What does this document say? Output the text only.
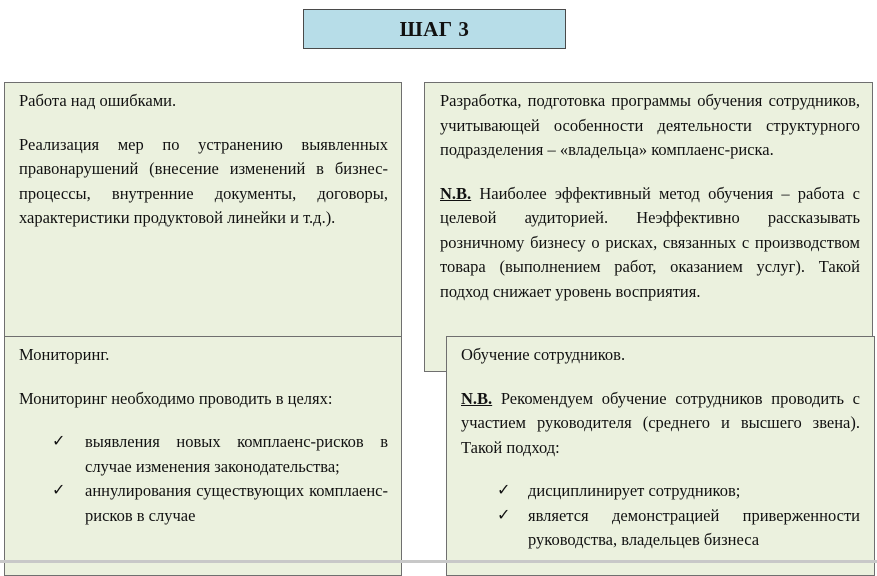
ШАГ 3

Работа над ошибками.

Реализация мер по устранению выявленных правонарушений (внесение изменений в бизнес-процессы, внутренние документы, договоры, характеристики продуктовой линейки и т.д.).

Разработка, подготовка программы обучения сотрудников, учитывающей особенности деятельности структурного подразделения – «владельца» комплаенс-риска.

N.B. Наиболее эффективный метод обучения – работа с целевой аудиторией. Неэффективно рассказывать розничному бизнесу о рисках, связанных с производством товара (выполнением работ, оказанием услуг). Такой подход снижает уровень восприятия.

Мониторинг.

Мониторинг необходимо проводить в целях:

✓ выявления новых комплаенс-рисков в случае изменения законодательства;
✓ аннулирования существующих комплаенс-рисков в случае

Обучение сотрудников.

N.B. Рекомендуем обучение сотрудников проводить с участием руководителя (среднего и высшего звена). Такой подход:

✓ дисциплинирует сотрудников;
✓ является демонстрацией приверженности руководства, владельцев бизнеса
